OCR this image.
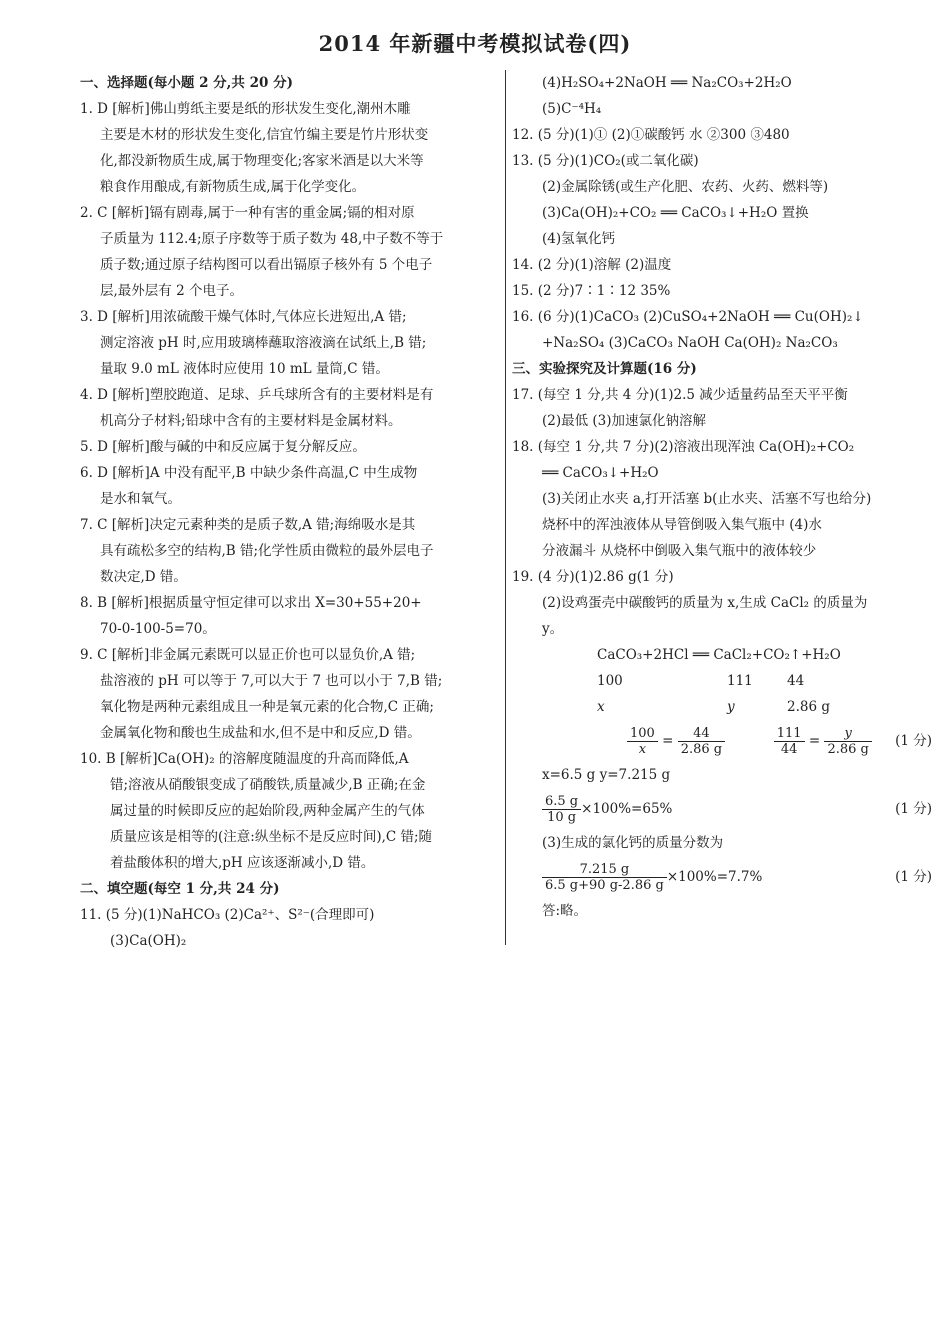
2014 年新疆中考模拟试卷(四)
一、选择题(每小题 2 分,共 20 分)
1. D [解析]佛山剪纸主要是纸的形状发生变化,潮州木雕
主要是木材的形状发生变化,信宜竹编主要是竹片形状变
化,都没新物质生成,属于物理变化;客家米酒是以大米等
粮食作用酿成,有新物质生成,属于化学变化。
2. C [解析]镉有剧毒,属于一种有害的重金属;镉的相对原
子质量为 112.4;原子序数等于质子数为 48,中子数不等于
质子数;通过原子结构图可以看出镉原子核外有 5 个电子
层,最外层有 2 个电子。
3. D [解析]用浓硫酸干燥气体时,气体应长进短出,A 错;
测定溶液 pH 时,应用玻璃棒蘸取溶液滴在试纸上,B 错;
量取 9.0 mL 液体时应使用 10 mL 量筒,C 错。
4. D [解析]塑胶跑道、足球、乒乓球所含有的主要材料是有
机高分子材料;铅球中含有的主要材料是金属材料。
5. D [解析]酸与碱的中和反应属于复分解反应。
6. D [解析]A 中没有配平,B 中缺少条件高温,C 中生成物
是水和氧气。
7. C [解析]决定元素种类的是质子数,A 错;海绵吸水是其
具有疏松多空的结构,B 错;化学性质由微粒的最外层电子
数决定,D 错。
8. B [解析]根据质量守恒定律可以求出 X=30+55+20+
70-0-100-5=70。
9. C [解析]非金属元素既可以显正价也可以显负价,A 错;
盐溶液的 pH 可以等于 7,可以大于 7 也可以小于 7,B 错;
氧化物是两种元素组成且一种是氧元素的化合物,C 正确;
金属氧化物和酸也生成盐和水,但不是中和反应,D 错。
10. B [解析]Ca(OH)₂ 的溶解度随温度的升高而降低,A
错;溶液从硝酸银变成了硝酸铁,质量减少,B 正确;在金
属过量的时候即反应的起始阶段,两种金属产生的气体
质量应该是相等的(注意:纵坐标不是反应时间),C 错;随
着盐酸体积的增大,pH 应该逐渐减小,D 错。
二、填空题(每空 1 分,共 24 分)
11. (5 分)(1)NaHCO₃ (2)Ca²⁺、S²⁻(合理即可)
(3)Ca(OH)₂
(4)H₂SO₄+2NaOH ══ Na₂CO₃+2H₂O
(5)C⁻⁴H₄
12. (5 分)(1)① (2)①碳酸钙 水 ②300 ③480
13. (5 分)(1)CO₂(或二氧化碳)
(2)金属除锈(或生产化肥、农药、火药、燃料等)
(3)Ca(OH)₂+CO₂ ══ CaCO₃↓+H₂O 置换
(4)氢氧化钙
14. (2 分)(1)溶解 (2)温度
15. (2 分)7∶1∶12 35%
16. (6 分)(1)CaCO₃ (2)CuSO₄+2NaOH ══ Cu(OH)₂↓
+Na₂SO₄ (3)CaCO₃ NaOH Ca(OH)₂ Na₂CO₃
三、实验探究及计算题(16 分)
17. (每空 1 分,共 4 分)(1)2.5 减少适量药品至天平平衡
(2)最低 (3)加速氯化钠溶解
18. (每空 1 分,共 7 分)(2)溶液出现浑浊 Ca(OH)₂+CO₂
══ CaCO₃↓+H₂O
(3)关闭止水夹 a,打开活塞 b(止水夹、活塞不写也给分)
烧杯中的浑浊液体从导管倒吸入集气瓶中 (4)水
分液漏斗 从烧杯中倒吸入集气瓶中的液体较少
19. (4 分)(1)2.86 g(1 分)
(2)设鸡蛋壳中碳酸钙的质量为 x,生成 CaCl₂ 的质量为
y。
CaCO₃+2HCl ══ CaCl₂+CO₂↑+H₂O
100	111	44
x	y	2.86 g
$\frac{100}{x} = \frac{44}{2.86 g}$
	$\frac{111}{44} = \frac{y}{2.86 g} (1$ 分)
x=6.5 g y=7.215 g
$\frac{6.5 g}{10 g} \times 100\%=65\%$	(1 分)
(3)生成的氯化钙的质量分数为
$\frac{7.215 g}{6.5 g+90 g-2.86 g} \times 100\%=7.7\%$	(1 分)
答:略。
